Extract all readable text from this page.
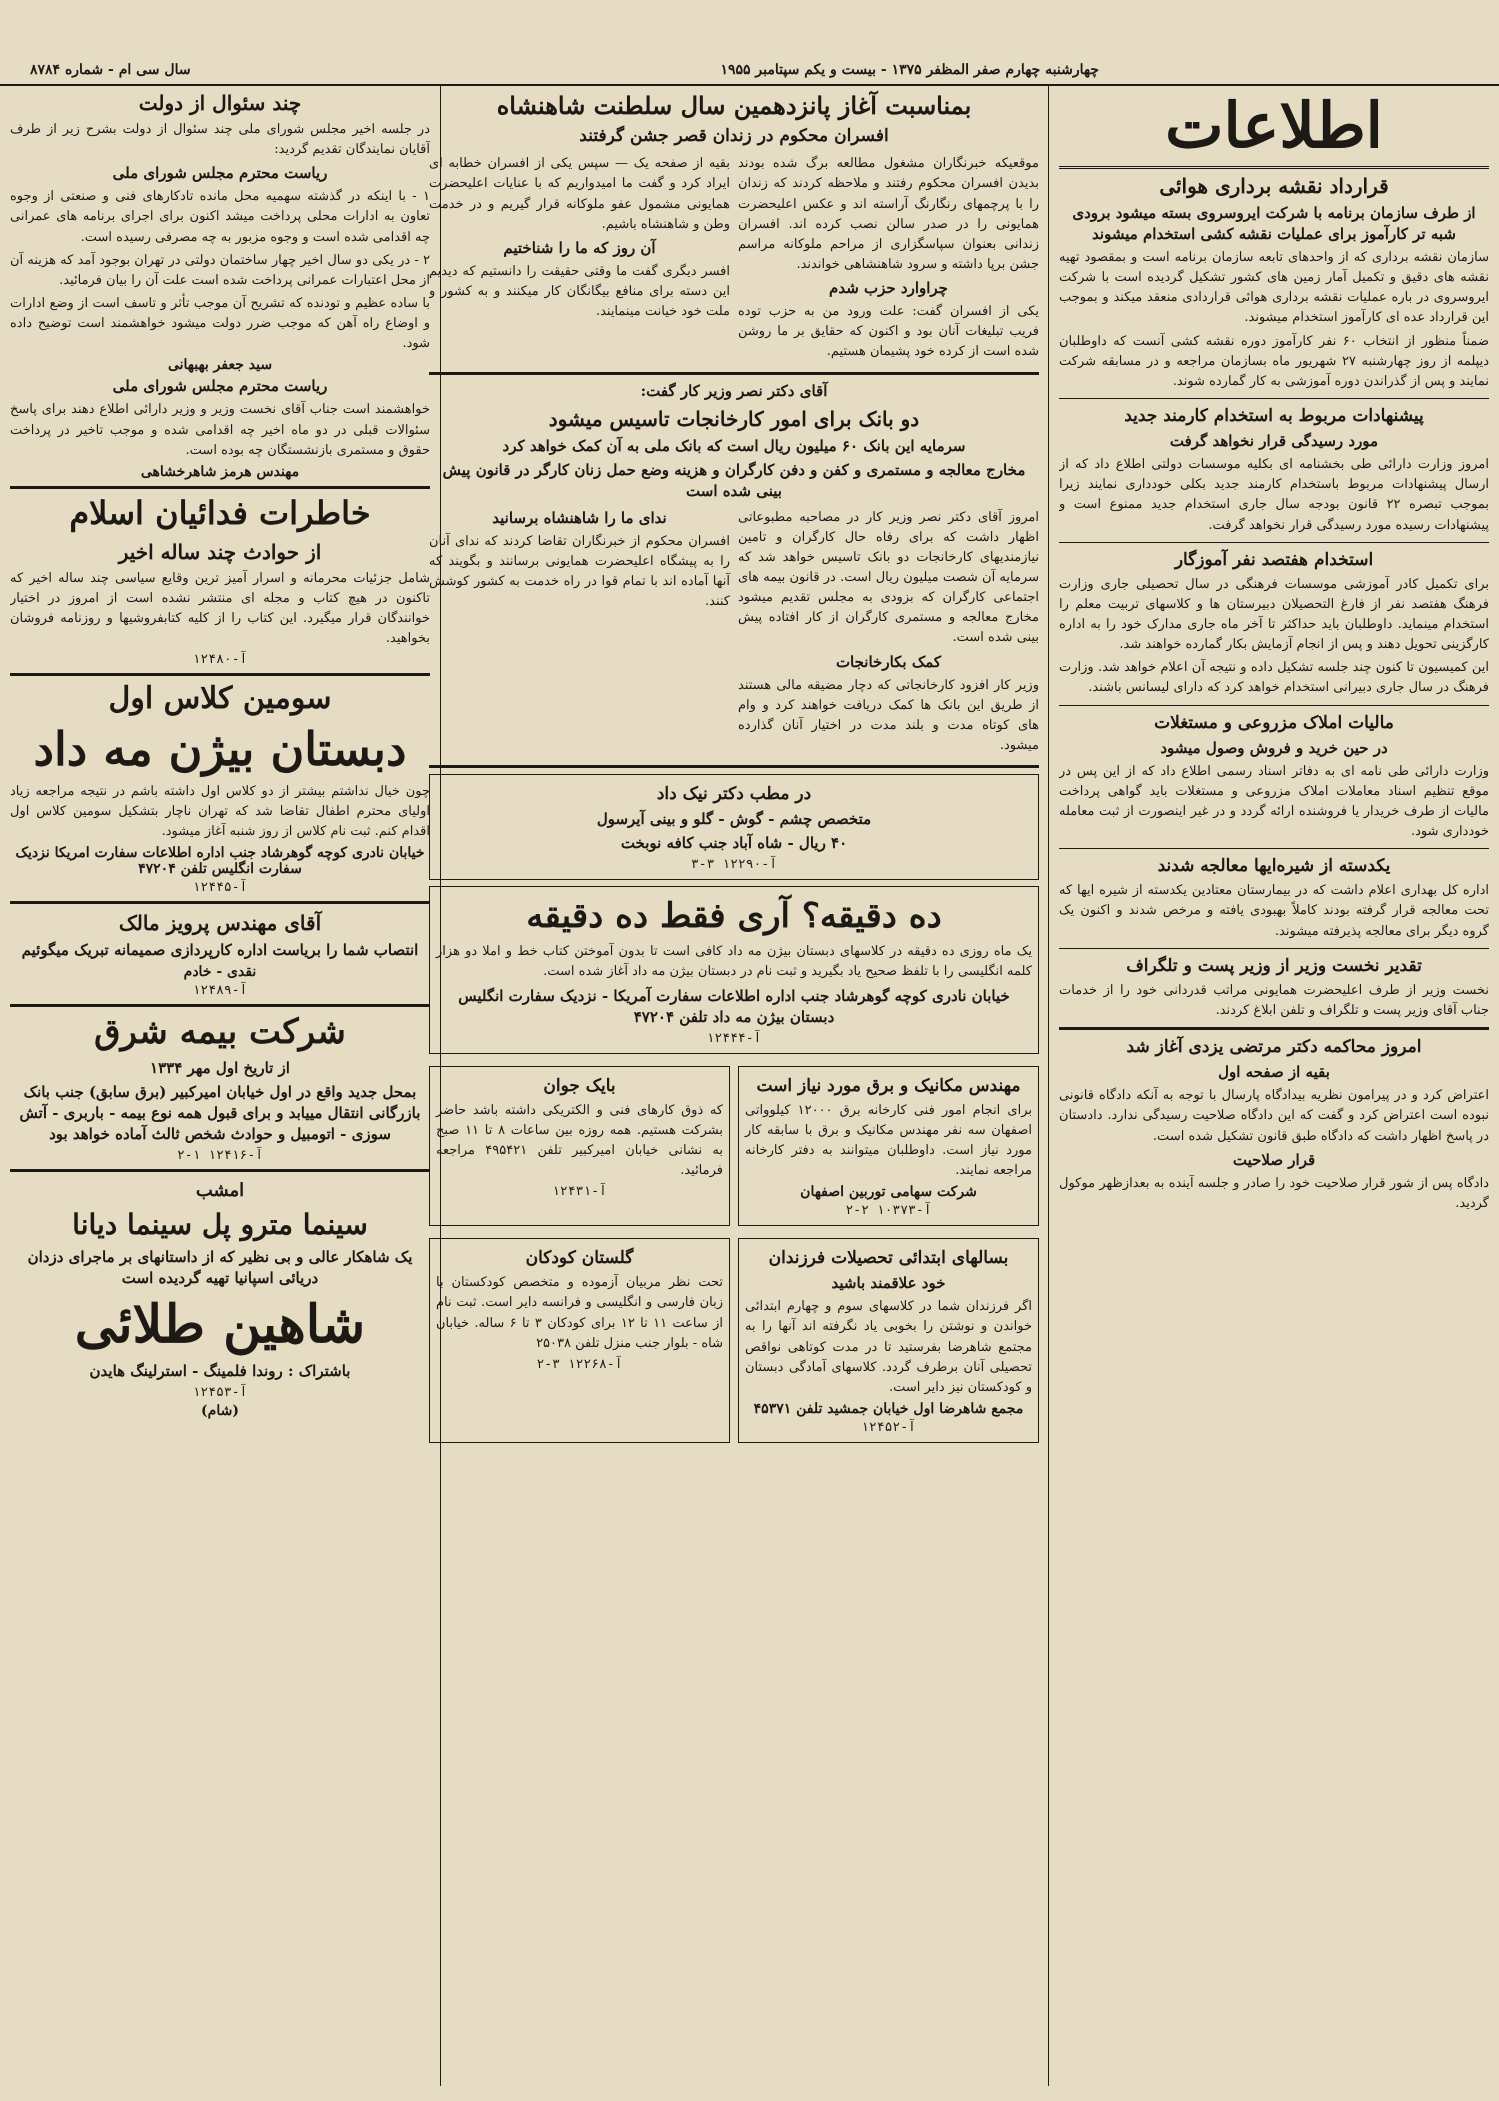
چهارشنبه چهارم صفر المظفر ۱۳۷۵ - بیست و یکم سپتامبر ۱۹۵۵
سال سی ام - شماره ۸۷۸۴
اطلاعات
قرارداد نقشه برداری هوائی
از طرف سازمان برنامه با شرکت ایروسروی بسته میشود برودی شبه تر کارآموز برای عملیات نقشه کشی استخدام میشوند

سازمان نقشه برداری که از واحدهای تابعه سازمان برنامه است و بمقصود تهیه نقشه های دقیق و تکمیل آمار زمین های کشور تشکیل گردیده است با شرکت ایروسروی در باره عملیات نقشه برداری هوائی قراردادی منعقد میکند و بموجب این قرارداد عده ای کارآموز استخدام میشوند.

ضمناً منظور از انتخاب ۶۰ نفر کارآموز دوره نقشه کشی آنست که داوطلبان دیپلمه از روز چهارشنبه ۲۷ شهریور ماه بسازمان مراجعه و در مسابقه شرکت نمایند و پس از گذراندن دوره آموزشی به کار گمارده شوند.

پیشنهادات مربوط به استخدام کارمند جدید
مورد رسیدگی قرار نخواهد گرفت

امروز وزارت دارائی طی بخشنامه ای بکلیه موسسات دولتی اطلاع داد که از ارسال پیشنهادات مربوط باستخدام کارمند جدید بکلی خودداری نمایند زیرا بموجب تبصره ۲۲ قانون بودجه سال جاری استخدام جدید ممنوع است و پیشنهادات رسیده مورد رسیدگی قرار نخواهد گرفت.

استخدام هفتصد نفر آموزگار

برای تکمیل کادر آموزشی موسسات فرهنگی در سال تحصیلی جاری وزارت فرهنگ هفتصد نفر از فارغ التحصیلان دبیرستان ها و کلاسهای تربیت معلم را استخدام مینماید. داوطلبان باید حداکثر تا آخر ماه جاری مدارک خود را به اداره کارگزینی تحویل دهند و پس از انجام آزمایش بکار گمارده خواهند شد.

این کمیسیون تا کنون چند جلسه تشکیل داده و نتیجه آن اعلام خواهد شد. وزارت فرهنگ در سال جاری دبیرانی استخدام خواهد کرد که دارای لیسانس باشند.

مالیات املاک مزروعی و مستغلات
در حین خرید و فروش وصول میشود

وزارت دارائی طی نامه ای به دفاتر اسناد رسمی اطلاع داد که از این پس در موقع تنظیم اسناد معاملات املاک مزروعی و مستغلات باید گواهی پرداخت مالیات از طرف خریدار یا فروشنده ارائه گردد و در غیر اینصورت از ثبت معامله خودداری شود.

یکدسته از شیره‌ایها معالجه شدند

اداره کل بهداری اعلام داشت که در بیمارستان معتادین یکدسته از شیره ایها که تحت معالجه قرار گرفته بودند کاملاً بهبودی یافته و مرخص شدند و اکنون یک گروه دیگر برای معالجه پذیرفته میشوند.

تقدیر نخست وزیر از وزیر پست و تلگراف

نخست وزیر از طرف اعلیحضرت همایونی مراتب قدردانی خود را از خدمات جناب آقای وزیر پست و تلگراف و تلفن ابلاغ کردند.

امروز محاکمه دکتر مرتضی یزدی آغاز شد
بقیه از صفحه اول

اعتراض کرد و در پیرامون نظریه بیدادگاه پارسال با توجه به آنکه دادگاه قانونی نبوده است اعتراض کرد و گفت که این دادگاه صلاحیت رسیدگی ندارد. دادستان در پاسخ اظهار داشت که دادگاه طبق قانون تشکیل شده است.

قرار صلاحیت

دادگاه پس از شور قرار صلاحیت خود را صادر و جلسه آینده به بعدازظهر موکول گردید.

بمناسبت آغاز پانزدهمین سال سلطنت شاهنشاه
افسران محکوم در زندان قصر جشن گرفتند

موقعیکه خبرنگاران مشغول مطالعه برگ شده بودند بدیدن افسران محکوم رفتند و ملاحظه کردند که زندان را با پرچمهای رنگارنگ آراسته اند و عکس اعلیحضرت همایونی را در صدر سالن نصب کرده اند. افسران زندانی بعنوان سپاسگزاری از مراحم ملوکانه مراسم جشن برپا داشته و سرود شاهنشاهی خواندند.

چراوارد حزب شدم

یکی از افسران گفت: علت ورود من به حزب توده فریب تبلیغات آنان بود و اکنون که حقایق بر ما روشن شده است از کرده خود پشیمان هستیم.

بقیه از صفحه یک — سپس یکی از افسران خطابه ای ایراد کرد و گفت ما امیدواریم که با عنایات اعلیحضرت همایونی مشمول عفو ملوکانه قرار گیریم و در خدمت وطن و شاهنشاه باشیم.

آن روز که ما را شناختیم

افسر دیگری گفت ما وقتی حقیقت را دانستیم که دیدیم این دسته برای منافع بیگانگان کار میکنند و به کشور و ملت خود خیانت مینمایند.

آقای دکتر نصر وزیر کار گفت:
دو بانک برای امور کارخانجات تاسیس میشود
سرمایه این بانک ۶۰ میلیون ریال است که بانک ملی به آن کمک خواهد کرد
مخارج معالجه و مستمری و کفن و دفن کارگران و هزینه وضع حمل زنان کارگر در قانون پیش بینی شده است

امروز آقای دکتر نصر وزیر کار در مصاحبه مطبوعاتی اظهار داشت که برای رفاه حال کارگران و تامین نیازمندیهای کارخانجات دو بانک تاسیس خواهد شد که سرمایه آن شصت میلیون ریال است. در قانون بیمه های اجتماعی کارگران که بزودی به مجلس تقدیم میشود مخارج معالجه و مستمری کارگران از کار افتاده پیش بینی شده است.

کمک بکارخانجات

وزیر کار افزود کارخانجاتی که دچار مضیقه مالی هستند از طریق این بانک ها کمک دریافت خواهند کرد و وام های کوتاه مدت و بلند مدت در اختیار آنان گذارده میشود.

ندای ما را شاهنشاه برسانید

افسران محکوم از خبرنگاران تقاضا کردند که ندای آنان را به پیشگاه اعلیحضرت همایونی برسانند و بگویند که آنها آماده اند با تمام قوا در راه خدمت به کشور کوشش کنند.

در مطب دکتر نیک داد
متخصص چشم - گوش - گلو و بینی آیرسول
۴۰ ریال - شاه آباد جنب کافه نوبخت
آ-۱۲۲۹۰ ۳-۳
ده دقیقه؟ آری فقط ده دقیقه

یک ماه روزی ده دقیقه در کلاسهای دبستان بیژن مه داد کافی است تا بدون آموختن کتاب خط و املا دو هزار کلمه انگلیسی را با تلفظ صحیح یاد بگیرید و ثبت نام در دبستان بیژن مه داد آغاز شده است.

خیابان نادری کوچه گوهرشاد جنب اداره اطلاعات سفارت آمریکا - نزدیک سفارت انگلیس دبستان بیژن مه داد تلفن ۴۷۲۰۴
آ-۱۲۴۴۴
مهندس مکانیک و برق مورد نیاز است

برای انجام امور فنی کارخانه برق ۱۲۰۰۰ کیلوواتی اصفهان سه نفر مهندس مکانیک و برق با سابقه کار مورد نیاز است. داوطلبان میتوانند به دفتر کارخانه مراجعه نمایند.

شرکت سهامی توربین اصفهان
آ-۱۰۳۷۳ ۲-۲
بایک جوان

که ذوق کارهای فنی و الکتریکی داشته باشد حاضر بشرکت هستیم. همه روزه بین ساعات ۸ تا ۱۱ صبح به نشانی خیابان امیرکبیر تلفن ۴۹۵۴۲۱ مراجعه فرمائید.

آ-۱۲۴۳۱
بسالهای ابتدائی تحصیلات فرزندان
خود علاقمند باشید

اگر فرزندان شما در کلاسهای سوم و چهارم ابتدائی خواندن و نوشتن را بخوبی یاد نگرفته اند آنها را به مجتمع شاهرضا بفرستید تا در مدت کوتاهی نواقص تحصیلی آنان برطرف گردد. کلاسهای آمادگی دبستان و کودکستان نیز دایر است.

مجمع شاهرضا اول خیابان جمشید تلفن ۴۵۳۷۱
آ-۱۲۴۵۲
گلستان کودکان

تحت نظر مربیان آزموده و متخصص کودکستان با زبان فارسی و انگلیسی و فرانسه دایر است. ثبت نام از ساعت ۱۱ تا ۱۲ برای کودکان ۳ تا ۶ ساله. خیابان شاه - بلوار جنب منزل تلفن ۲۵۰۳۸

آ-۱۲۲۶۸ ۳-۲
چند سئوال از دولت

در جلسه اخیر مجلس شورای ملی چند سئوال از دولت بشرح زیر از طرف آقایان نمایندگان تقدیم گردید:

ریاست محترم مجلس شورای ملی

۱ - با اینکه در گذشته سهمیه محل مانده تادکارهای فنی و صنعتی از وجوه تعاون به ادارات محلی پرداخت میشد اکنون برای اجرای برنامه های عمرانی چه اقدامی شده است و وجوه مزبور به چه مصرفی رسیده است.

۲ - در یکی دو سال اخیر چهار ساختمان دولتی در تهران بوجود آمد که هزینه آن از محل اعتبارات عمرانی پرداخت شده است علت آن را بیان فرمائید.

با ساده عظیم و تودنده که تشریح آن موجب تأثر و تاسف است از وضع ادارات و اوضاع راه آهن که موجب ضرر دولت میشود خواهشمند است توضیح داده شود.

سید جعفر بهبهانی
ریاست محترم مجلس شورای ملی

خواهشمند است جناب آقای نخست وزیر و وزیر دارائی اطلاع دهند برای پاسخ سئوالات قبلی در دو ماه اخیر چه اقدامی شده و موجب تاخیر در پرداخت حقوق و مستمری بازنشستگان چه بوده است.

مهندس هرمز شاهرخشاهی
خاطرات فدائیان اسلام
از حوادث چند ساله اخیر

شامل جزئیات محرمانه و اسرار آمیز ترین وقایع سیاسی چند ساله اخیر که تاکنون در هیچ کتاب و مجله ای منتشر نشده است از امروز در اختیار خوانندگان قرار میگیرد. این کتاب را از کلیه کتابفروشیها و روزنامه فروشان بخواهید.

آ-۱۲۴۸۰
سومین کلاس اول
دبستان بیژن مه داد

چون خیال نداشتم بیشتر از دو کلاس اول داشته باشم در نتیجه مراجعه زیاد اولیای محترم اطفال تقاضا شد که تهران ناچار بتشکیل سومین کلاس اول اقدام کنم. ثبت نام کلاس از روز شنبه آغاز میشود.

خیابان نادری کوچه گوهرشاد جنب اداره اطلاعات سفارت امریکا نزدیک سفارت انگلیس تلفن ۴۷۲۰۴
آ-۱۲۴۴۵
آقای مهندس پرویز مالک
انتصاب شما را بریاست اداره کارپردازی صمیمانه تبریک میگوئیم
نقدی - خادم
آ-۱۲۴۸۹
شرکت بیمه شرق
از تاریخ اول مهر ۱۳۳۴
بمحل جدید واقع در اول خیابان امیرکبیر (برق سابق) جنب بانک بازرگانی انتقال مییابد و برای قبول همه نوع بیمه - باربری - آتش سوزی - اتومبیل و حوادث شخص ثالث آماده خواهد بود
آ-۱۲۴۱۶ ۱-۲
امشب
سینما مترو پل سینما دیانا
یک شاهکار عالی و بی نظیر که از داستانهای بر ماجرای دزدان دریائی اسپانیا تهیه گردیده است
شاهین طلائی
باشتراک : روندا فلمینگ - استرلینگ هایدن
آ-۱۲۴۵۳
(شام)
